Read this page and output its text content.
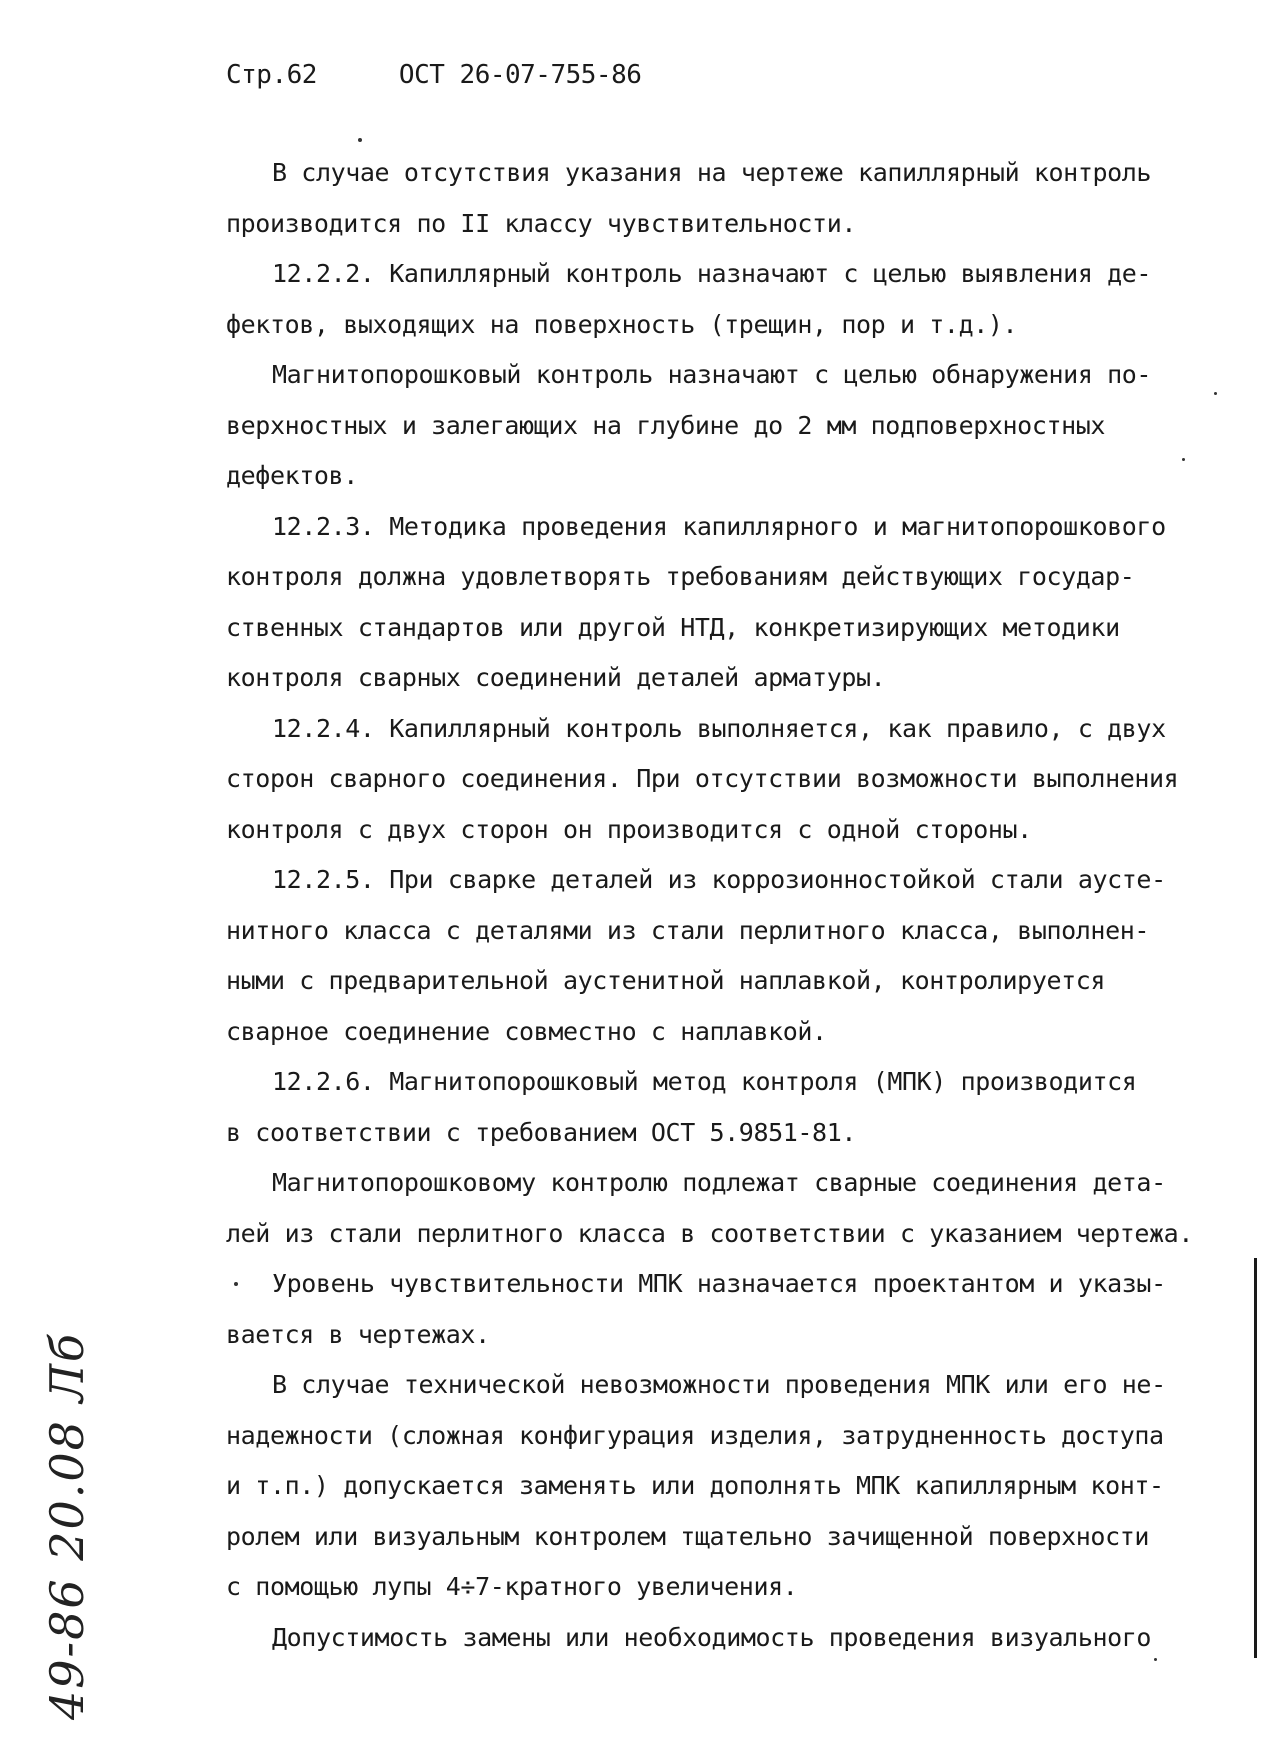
Стр.62	ОСТ 26-07-755-86
В случае отсутствия указания на чертеже капиллярный контроль
производится по II классу чувствительности.
12.2.2. Капиллярный контроль назначают с целью выявления де-
фектов, выходящих на поверхность (трещин, пор и т.д.).
Магнитопорошковый контроль назначают с целью обнаружения по-
верхностных и залегающих на глубине до 2 мм подповерхностных
дефектов.
12.2.3. Методика проведения капиллярного и магнитопорошкового
контроля должна удовлетворять требованиям действующих государ-
ственных стандартов или другой НТД, конкретизирующих методики
контроля сварных соединений деталей арматуры.
12.2.4. Капиллярный контроль выполняется, как правило, с двух
сторон сварного соединения. При отсутствии возможности выполнения
контроля с двух сторон он производится с одной стороны.
12.2.5. При сварке деталей из коррозионностойкой стали аусте-
нитного класса с деталями из стали перлитного класса, выполнен-
ными с предварительной аустенитной наплавкой, контролируется
сварное соединение совместно с наплавкой.
12.2.6. Магнитопорошковый метод контроля (МПК) производится
в соответствии с требованием ОСТ 5.9851-81.
Магнитопорошковому контролю подлежат сварные соединения дета-
лей из стали перлитного класса в соответствии с указанием чертежа.
Уровень чувствительности МПК назначается проектантом и указы-
вается в чертежах.
В случае технической невозможности проведения МПК или его не-
надежности (сложная конфигурация изделия, затрудненность доступа
и т.п.) допускается заменять или дополнять МПК капиллярным конт-
ролем или визуальным контролем тщательно зачищенной поверхности
с помощью лупы 4÷7-кратного увеличения.
Допустимость замены или необходимость проведения визуального
49-86 20.08 Лб
